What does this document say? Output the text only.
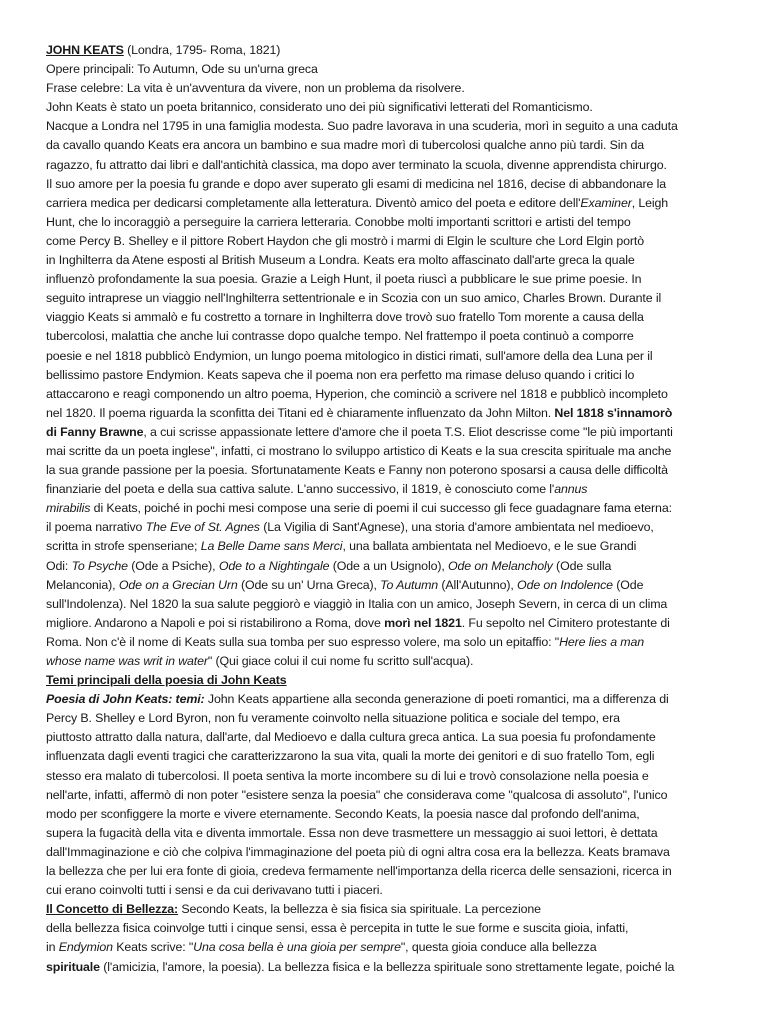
JOHN KEATS (Londra, 1795- Roma, 1821)
Opere principali: To Autumn, Ode su un'urna greca
Frase celebre: La vita è un'avventura da vivere, non un problema da risolvere.
John Keats è stato un poeta britannico, considerato uno dei più significativi letterati del Romanticismo.
Nacque a Londra nel 1795 in una famiglia modesta. Suo padre lavorava in una scuderia, morì in seguito a una caduta
da cavallo quando Keats era ancora un bambino e sua madre morì di tubercolosi qualche anno più tardi. Sin da
ragazzo, fu attratto dai libri e dall'antichità classica, ma dopo aver terminato la scuola, divenne apprendista chirurgo.
Il suo amore per la poesia fu grande e dopo aver superato gli esami di medicina nel 1816, decise di abbandonare la
carriera medica per dedicarsi completamente alla letteratura. Diventò amico del poeta e editore dell'Examiner, Leigh
Hunt, che lo incoraggiò a perseguire la carriera letteraria. Conobbe molti importanti scrittori e artisti del tempo
come Percy B. Shelley e il pittore Robert Haydon che gli mostrò i marmi di Elgin le sculture che Lord Elgin portò
in Inghilterra da Atene esposti al British Museum a Londra. Keats era molto affascinato dall'arte greca la quale
influenzò profondamente la sua poesia. Grazie a Leigh Hunt, il poeta riuscì a pubblicare le sue prime poesie. In
seguito intraprese un viaggio nell'Inghilterra settentrionale e in Scozia con un suo amico, Charles Brown. Durante il
viaggio Keats si ammalò e fu costretto a tornare in Inghilterra dove trovò suo fratello Tom morente a causa della
tubercolosi, malattia che anche lui contrasse dopo qualche tempo. Nel frattempo il poeta continuò a comporre
poesie e nel 1818 pubblicò Endymion, un lungo poema mitologico in distici rimati, sull'amore della dea Luna per il
bellissimo pastore Endymion. Keats sapeva che il poema non era perfetto ma rimase deluso quando i critici lo
attaccarono e reagì componendo un altro poema, Hyperion, che cominciò a scrivere nel 1818 e pubblicò incompleto
nel 1820. Il poema riguarda la sconfitta dei Titani ed è chiaramente influenzato da John Milton. Nel 1818 s'innamorò
di Fanny Brawne, a cui scrisse appassionate lettere d'amore che il poeta T.S. Eliot descrisse come "le più importanti
mai scritte da un poeta inglese", infatti, ci mostrano lo sviluppo artistico di Keats e la sua crescita spirituale ma anche
la sua grande passione per la poesia. Sfortunatamente Keats e Fanny non poterono sposarsi a causa delle difficoltà
finanziarie del poeta e della sua cattiva salute. L'anno successivo, il 1819, è conosciuto come l'annus
mirabilis di Keats, poiché in pochi mesi compose una serie di poemi il cui successo gli fece guadagnare fama eterna:
il poema narrativo The Eve of St. Agnes (La Vigilia di Sant'Agnese), una storia d'amore ambientata nel medioevo,
scritta in strofe spenseriane; La Belle Dame sans Merci, una ballata ambientata nel Medioevo, e le sue Grandi
Odi: To Psyche (Ode a Psiche), Ode to a Nightingale (Ode a un Usignolo), Ode on Melancholy (Ode sulla
Melanconia), Ode on a Grecian Urn (Ode su un' Urna Greca), To Autumn (All'Autunno), Ode on Indolence (Ode
sull'Indolenza). Nel 1820 la sua salute peggiorò e viaggiò in Italia con un amico, Joseph Severn, in cerca di un clima
migliore. Andarono a Napoli e poi si ristabilirono a Roma, dove morì nel 1821. Fu sepolto nel Cimitero protestante di
Roma. Non c'è il nome di Keats sulla sua tomba per suo espresso volere, ma solo un epitaffio: "Here lies a man
whose name was writ in water" (Qui giace colui il cui nome fu scritto sull'acqua).
Temi principali della poesia di John Keats
Poesia di John Keats: temi: John Keats appartiene alla seconda generazione di poeti romantici, ma a differenza di
Percy B. Shelley e Lord Byron, non fu veramente coinvolto nella situazione politica e sociale del tempo, era
piuttosto attratto dalla natura, dall'arte, dal Medioevo e dalla cultura greca antica. La sua poesia fu profondamente
influenzata dagli eventi tragici che caratterizzarono la sua vita, quali la morte dei genitori e di suo fratello Tom, egli
stesso era malato di tubercolosi. Il poeta sentiva la morte incombere su di lui e trovò consolazione nella poesia e
nell'arte, infatti, affermò di non poter "esistere senza la poesia" che considerava come "qualcosa di assoluto", l'unico
modo per sconfiggere la morte e vivere eternamente. Secondo Keats, la poesia nasce dal profondo dell'anima,
supera la fugacità della vita e diventa immortale. Essa non deve trasmettere un messaggio ai suoi lettori, è dettata
dall'Immaginazione e ciò che colpiva l'immaginazione del poeta più di ogni altra cosa era la bellezza. Keats bramava
la bellezza che per lui era fonte di gioia, credeva fermamente nell'importanza della ricerca delle sensazioni, ricerca in
cui erano coinvolti tutti i sensi e da cui derivavano tutti i piaceri.
Il Concetto di Bellezza: Secondo Keats, la bellezza è sia fisica sia spirituale. La percezione
della bellezza fisica coinvolge tutti i cinque sensi, essa è percepita in tutte le sue forme e suscita gioia, infatti,
in Endymion Keats scrive: "Una cosa bella è una gioia per sempre", questa gioia conduce alla bellezza
spirituale (l'amicizia, l'amore, la poesia). La bellezza fisica e la bellezza spirituale sono strettamente legate, poiché la
